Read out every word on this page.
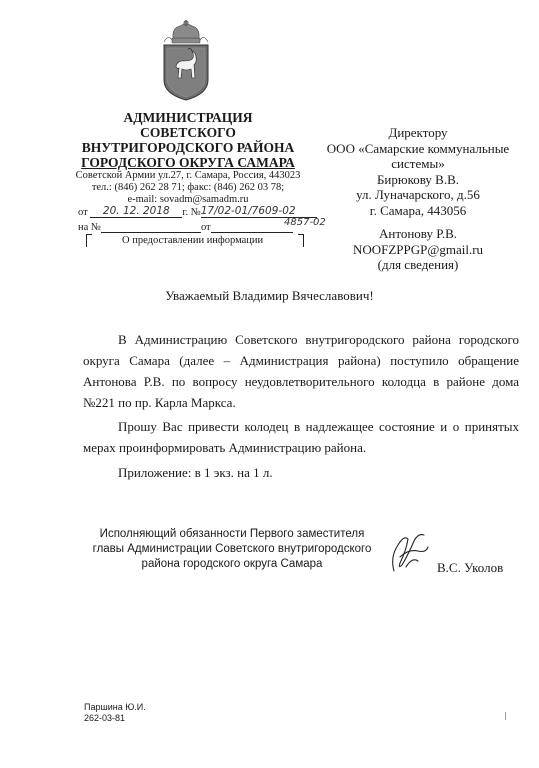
АДМИНИСТРАЦИЯ
СОВЕТСКОГО
ВНУТРИГОРОДСКОГО РАЙОНА
ГОРОДСКОГО ОКРУГА САМАРА
Советской Армии ул.27, г. Самара, Россия, 443023
тел.: (846) 262 28 71; факс: (846) 262 03 78;
e-mail: sovadm@samadm.ru
от 20. 12. 2018 г. №17/02-01/7609-02
на №	от	4857-02
О предоставлении информации
Директору
ООО «Самарские коммунальные
системы»
Бирюкову В.В.
ул. Луначарского, д.56
г. Самара, 443056
Антонову Р.В.
NOOFZPPGP@gmail.ru
(для сведения)
Уважаемый Владимир Вячеславович!

В Администрацию Советского внутригородского района городского округа Самара (далее – Администрация района) поступило обращение Антонова Р.В. по вопросу неудовлетворительного колодца в районе дома №221 по пр. Карла Маркса.

Прошу Вас привести колодец в надлежащее состояние и о принятых мерах проинформировать Администрацию района.

Приложение: в 1 экз. на 1 л.

Исполняющий обязанности Первого заместителя
главы Администрации Советского внутригородского
района городского округа Самара	В.С. Уколов
Паршина Ю.И.
262-03-81
